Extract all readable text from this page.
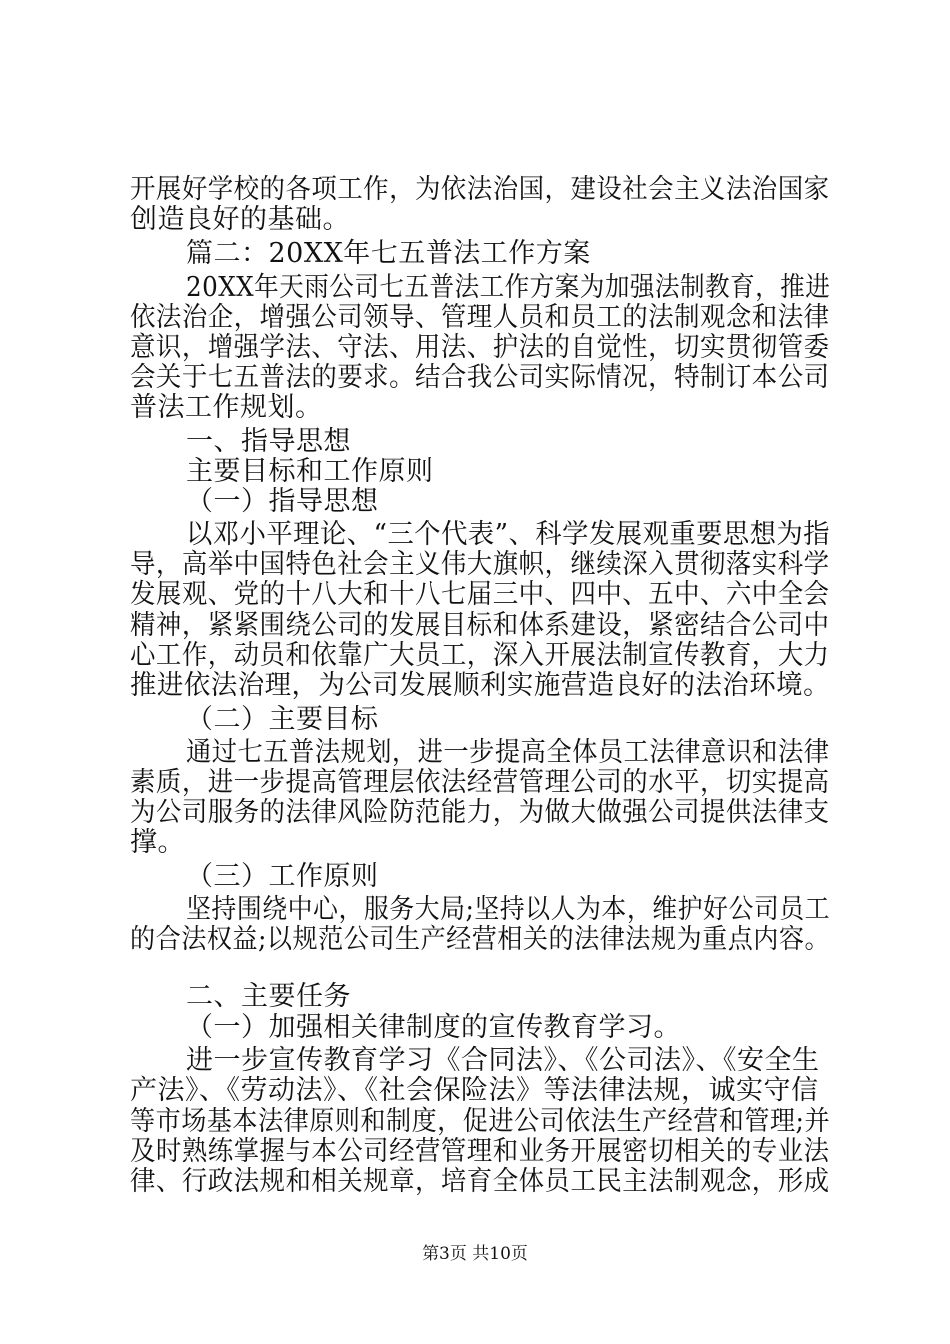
开展好学校的各项工作，为依法治国，建设社会主义法治国家
创造良好的基础。
篇二：20XX年七五普法工作方案
20XX年天雨公司七五普法工作方案为加强法制教育，推进
依法治企，增强公司领导、管理人员和员工的法制观念和法律
意识，增强学法、守法、用法、护法的自觉性，切实贯彻管委
会关于七五普法的要求。结合我公司实际情况，特制订本公司
普法工作规划。
一、指导思想
主要目标和工作原则
（一）指导思想
以邓小平理论、“三个代表”、科学发展观重要思想为指
导，高举中国特色社会主义伟大旗帜，继续深入贯彻落实科学
发展观、党的十八大和十八七届三中、四中、五中、六中全会
精神，紧紧围绕公司的发展目标和体系建设，紧密结合公司中
心工作，动员和依靠广大员工，深入开展法制宣传教育，大力
推进依法治理，为公司发展顺利实施营造良好的法治环境。
（二）主要目标
通过七五普法规划，进一步提高全体员工法律意识和法律
素质，进一步提高管理层依法经营管理公司的水平，切实提高
为公司服务的法律风险防范能力，为做大做强公司提供法律支
撑。
（三）工作原则
坚持围绕中心，服务大局;坚持以人为本，维护好公司员工
的合法权益;以规范公司生产经营相关的法律法规为重点内容。
二、主要任务
（一）加强相关律制度的宣传教育学习。
进一步宣传教育学习《合同法》、《公司法》、《安全生
产法》、《劳动法》、《社会保险法》等法律法规，诚实守信
等市场基本法律原则和制度，促进公司依法生产经营和管理;并
及时熟练掌握与本公司经营管理和业务开展密切相关的专业法
律、行政法规和相关规章，培育全体员工民主法制观念，形成
第3页 共10页
